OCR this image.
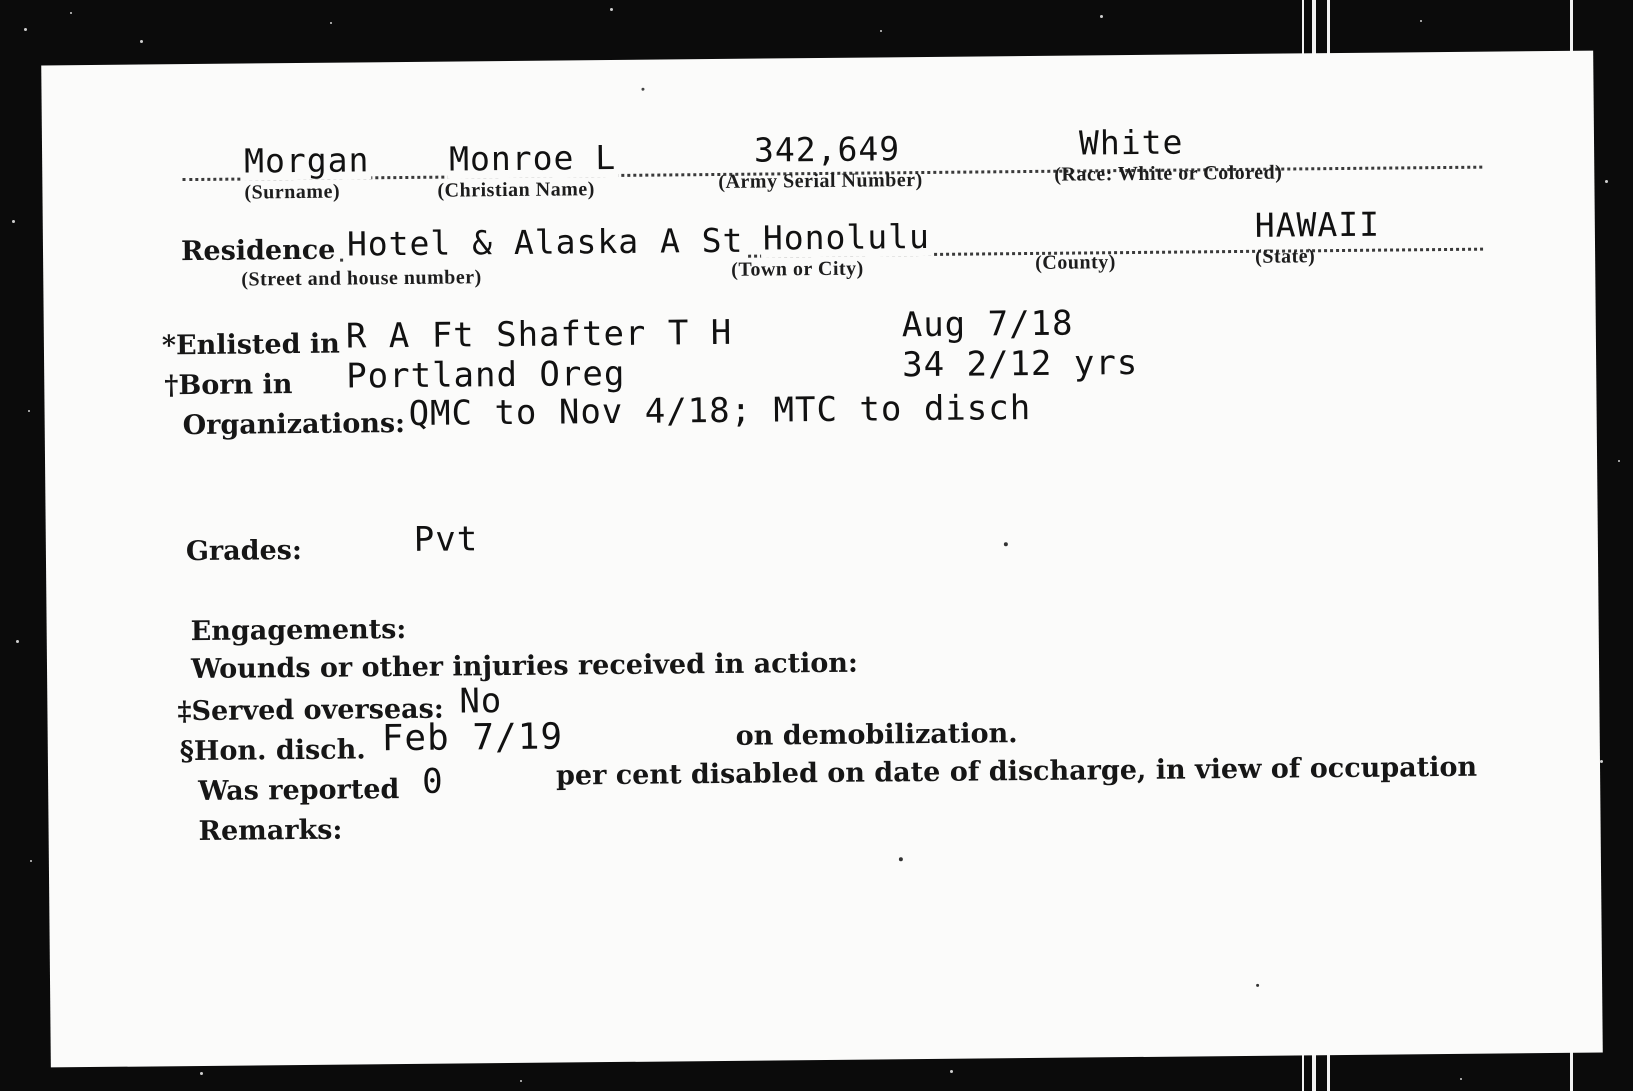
Morgan
(Surname)
Monroe L
(Christian Name)
342,649
(Army Serial Number)
White
(Race: White or Colored)
Residence Hotel & Alaska A St
(Street and house number)
Honolulu
(Town or City)	(County)
HAWAII
(State)
*Enlisted in R A Ft Shafter T H	Aug 7/18
†Born in Portland Oreg	34 2/12 yrs
Organizations: QMC to Nov 4/18; MTC to disch
Grades:	Pvt
Engagements:
Wounds or other injuries received in action:
‡Served overseas: No
§Hon. disch. Feb 7/19	on demobilization.
Was reported 0	per cent disabled on date of discharge, in view of occupation
Remarks:
